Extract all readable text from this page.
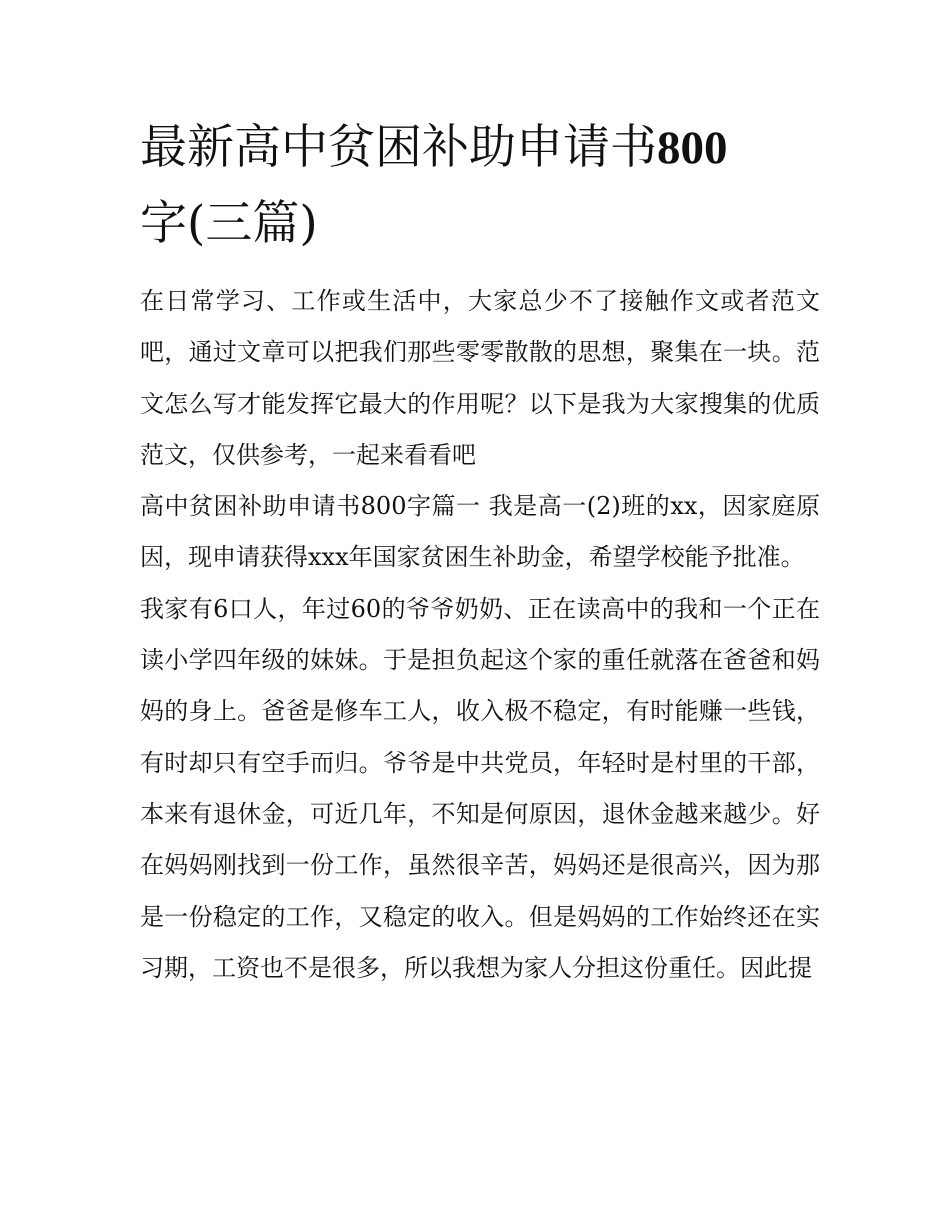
最新高中贫困补助申请书800
字(三篇)

在日常学习、工作或生活中，大家总少不了接触作文或者范文吧，通过文章可以把我们那些零零散散的思想，聚集在一块。范文怎么写才能发挥它最大的作用呢？以下是我为大家搜集的优质范文，仅供参考，一起来看看吧

高中贫困补助申请书800字篇一 我是高一(2)班的xx，因家庭原因，现申请获得xxx年国家贫困生补助金，希望学校能予批准。

我家有6口人，年过60的爷爷奶奶、正在读高中的我和一个正在读小学四年级的妹妹。于是担负起这个家的重任就落在爸爸和妈妈的身上。爸爸是修车工人，收入极不稳定，有时能赚一些钱，有时却只有空手而归。爷爷是中共党员，年轻时是村里的干部，本来有退休金，可近几年，不知是何原因，退休金越来越少。好在妈妈刚找到一份工作，虽然很辛苦，妈妈还是很高兴，因为那是一份稳定的工作，又稳定的收入。但是妈妈的工作始终还在实习期，工资也不是很多，所以我想为家人分担这份重任。因此提
